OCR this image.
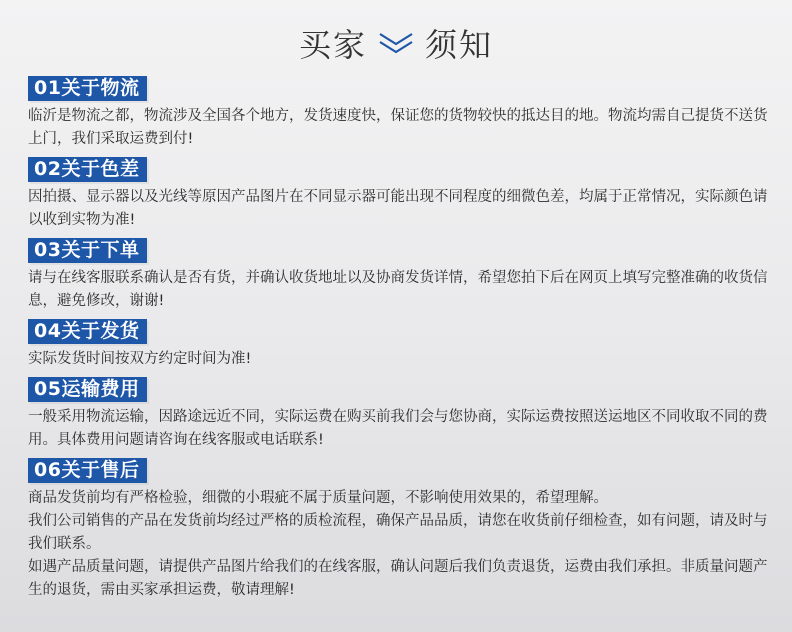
买家 须知
01关于物流

临沂是物流之都，物流涉及全国各个地方，发货速度快，保证您的货物较快的抵达目的地。物流均需自己提货不送货上门，我们采取运费到付!

02关于色差

因拍摄、显示器以及光线等原因产品图片在不同显示器可能出现不同程度的细微色差，均属于正常情况，实际颜色请以收到实物为准!

03关于下单

请与在线客服联系确认是否有货，并确认收货地址以及协商发货详情，希望您拍下后在网页上填写完整准确的收货信息，避免修改，谢谢!

04关于发货

实际发货时间按双方约定时间为准!

05运输费用

一般采用物流运输，因路途远近不同，实际运费在购买前我们会与您协商，实际运费按照送运地区不同收取不同的费用。具体费用问题请咨询在线客服或电话联系!

06关于售后

商品发货前均有严格检验，细微的小瑕疵不属于质量问题，不影响使用效果的，希望理解。

我们公司销售的产品在发货前均经过严格的质检流程，确保产品品质，请您在收货前仔细检查，如有问题，请及时与我们联系。

如遇产品质量问题，请提供产品图片给我们的在线客服，确认问题后我们负责退货，运费由我们承担。非质量问题产生的退货，需由买家承担运费，敬请理解!
